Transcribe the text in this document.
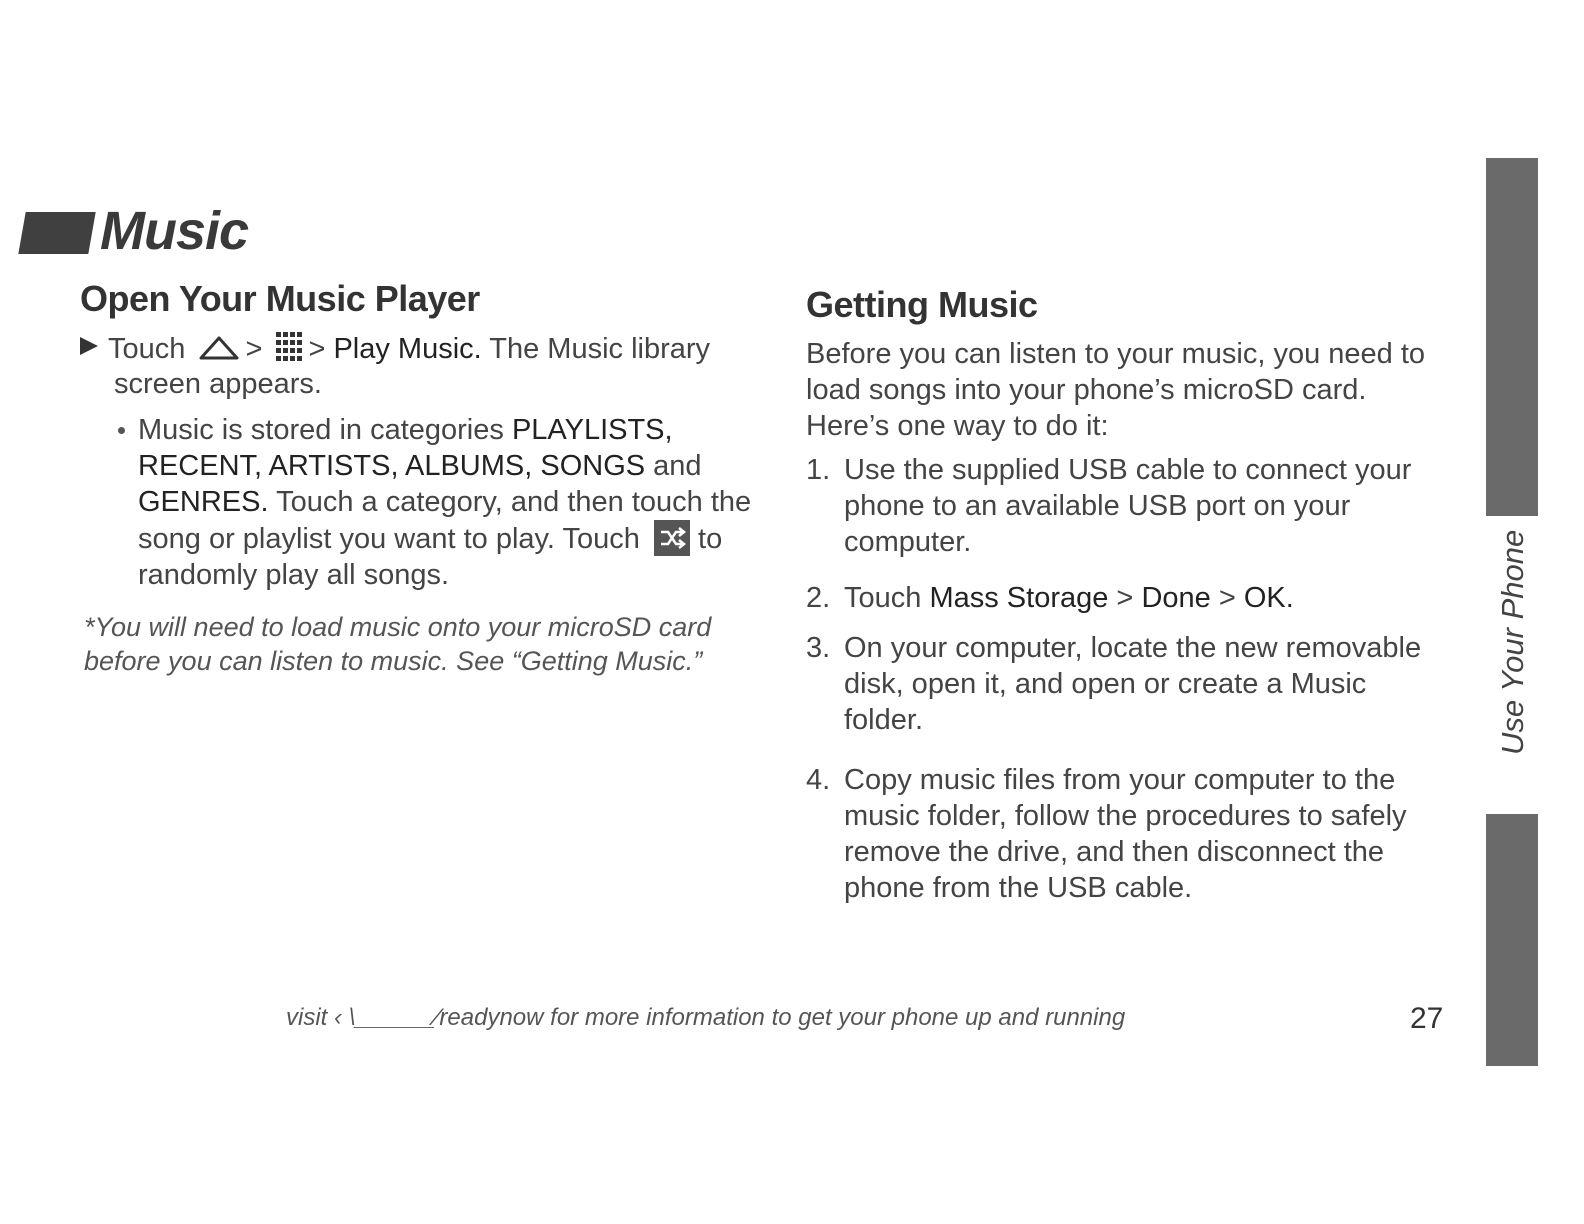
Music
Open Your Music Player
Touch > > Play Music. The Music library
screen appears.
Music is stored in categories PLAYLISTS, RECENT, ARTISTS, ALBUMS, SONGS and GENRES. Touch a category, and then touch the song or playlist you want to play. Touch to randomly play all songs.
*You will need to load music onto your microSD card before you can listen to music. See “Getting Music.”
Getting Music
Before you can listen to your music, you need to load songs into your phone’s microSD card. Here’s one way to do it:
1. Use the supplied USB cable to connect your phone to an available USB port on your computer.
2. Touch Mass Storage > Done > OK.
3. On your computer, locate the new removable disk, open it, and open or create a Music folder.
4. Copy music files from your computer to the music folder, follow the procedures to safely remove the drive, and then disconnect the phone from the USB cable.
visit ‹ \______⁄readynow for more information to get your phone up and running	27
Use Your Phone
